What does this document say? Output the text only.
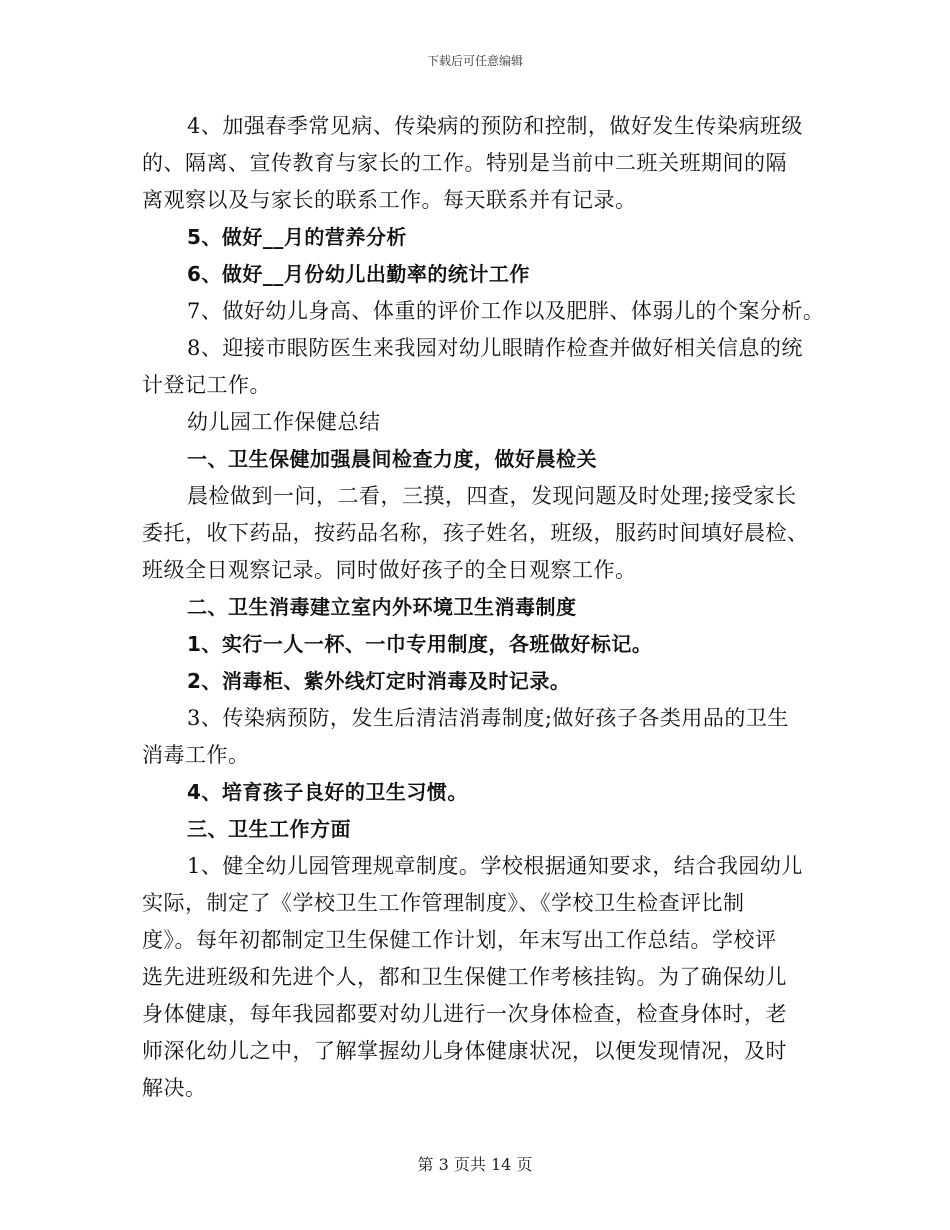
下载后可任意编辑
4、加强春季常见病、传染病的预防和控制，做好发生传染病班级
的、隔离、宣传教育与家长的工作。特别是当前中二班关班期间的隔
离观察以及与家长的联系工作。每天联系并有记录。
5、做好__月的营养分析
6、做好__月份幼儿出勤率的统计工作
7、做好幼儿身高、体重的评价工作以及肥胖、体弱儿的个案分析。
8、迎接市眼防医生来我园对幼儿眼睛作检查并做好相关信息的统
计登记工作。
幼儿园工作保健总结
一、卫生保健加强晨间检查力度，做好晨检关
晨检做到一问，二看，三摸，四查，发现问题及时处理;接受家长
委托，收下药品，按药品名称，孩子姓名，班级，服药时间填好晨检、
班级全日观察记录。同时做好孩子的全日观察工作。
二、卫生消毒建立室内外环境卫生消毒制度
1、实行一人一杯、一巾专用制度，各班做好标记。
2、消毒柜、紫外线灯定时消毒及时记录。
3、传染病预防，发生后清洁消毒制度;做好孩子各类用品的卫生
消毒工作。
4、培育孩子良好的卫生习惯。
三、卫生工作方面
1、健全幼儿园管理规章制度。学校根据通知要求，结合我园幼儿
实际，制定了《学校卫生工作管理制度》、《学校卫生检查评比制
度》。每年初都制定卫生保健工作计划，年末写出工作总结。学校评
选先进班级和先进个人，都和卫生保健工作考核挂钩。为了确保幼儿
身体健康，每年我园都要对幼儿进行一次身体检查，检查身体时，老
师深化幼儿之中，了解掌握幼儿身体健康状况，以便发现情况，及时
解决。
第 3 页共 14 页
